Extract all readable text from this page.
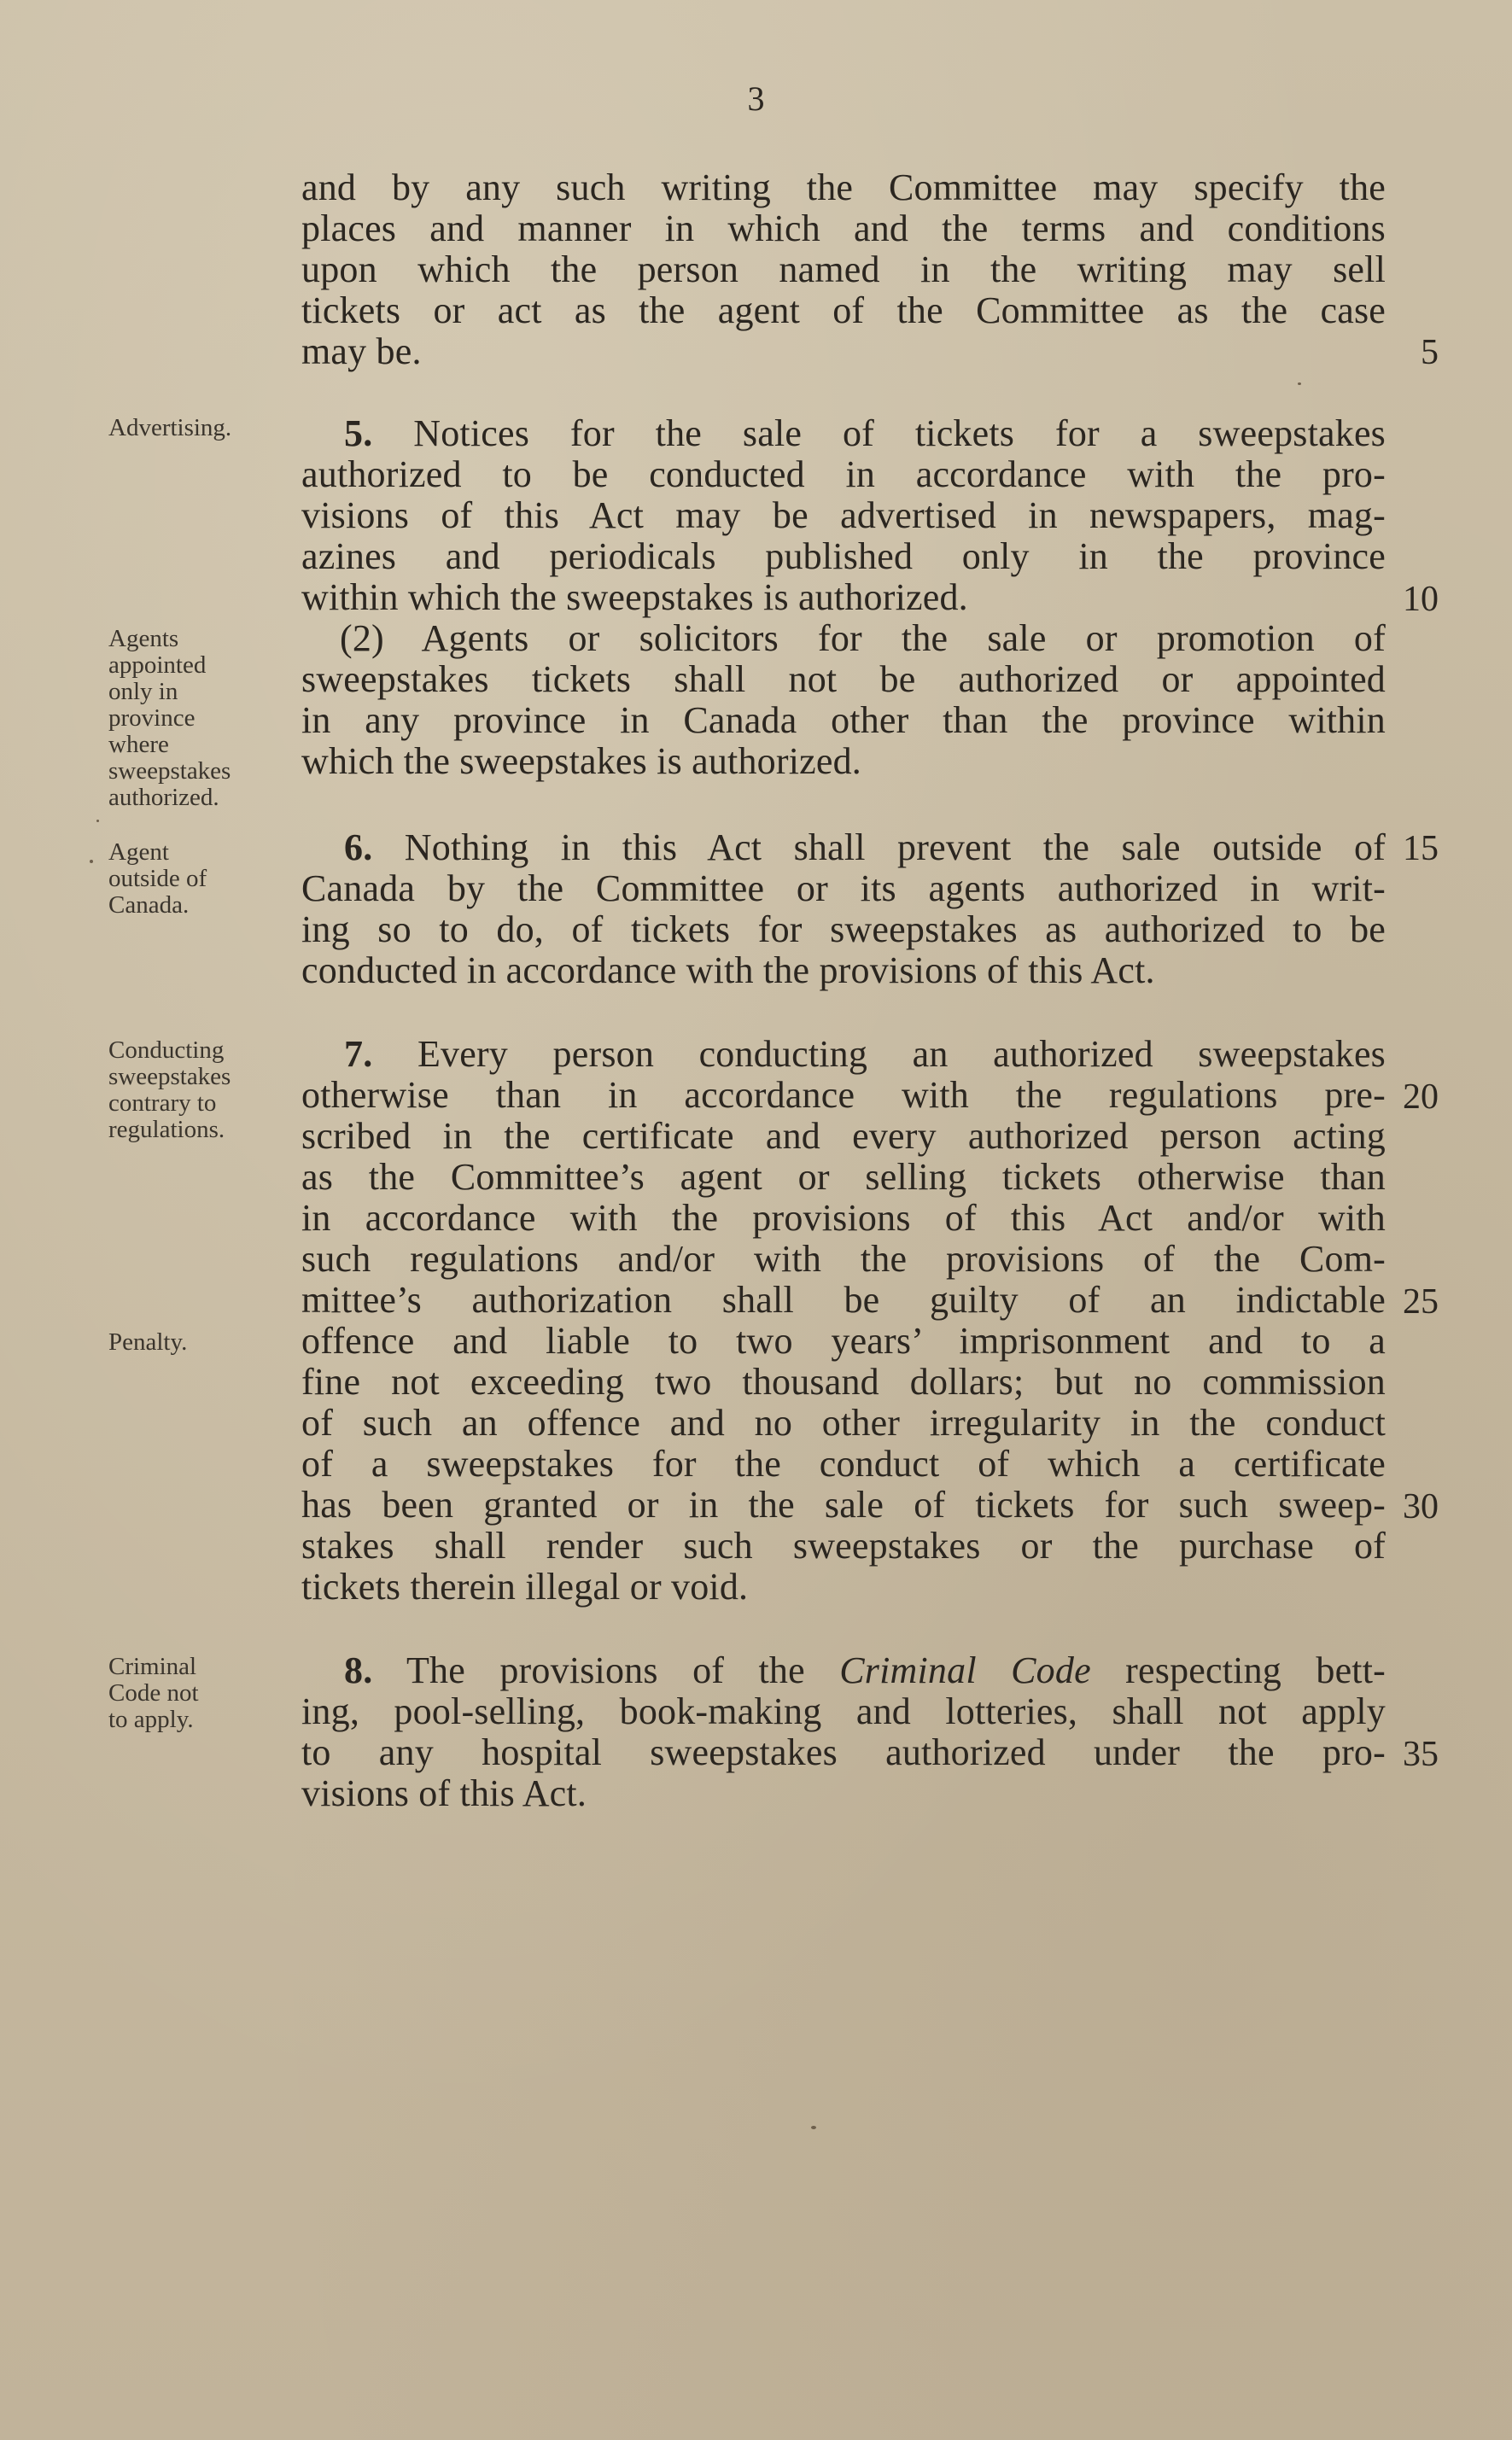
3
and by any such writing the Committee may specify the
places and manner in which and the terms and conditions
upon which the person named in the writing may sell
tickets or act as the agent of the Committee as the case
may be.
5. Notices for the sale of tickets for a sweepstakes
authorized to be conducted in accordance with the pro-
visions of this Act may be advertised in newspapers, mag-
azines and periodicals published only in the province
within which the sweepstakes is authorized.
(2) Agents or solicitors for the sale or promotion of
sweepstakes tickets shall not be authorized or appointed
in any province in Canada other than the province within
which the sweepstakes is authorized.
6. Nothing in this Act shall prevent the sale outside of
Canada by the Committee or its agents authorized in writ-
ing so to do, of tickets for sweepstakes as authorized to be
conducted in accordance with the provisions of this Act.
7. Every person conducting an authorized sweepstakes
otherwise than in accordance with the regulations pre-
scribed in the certificate and every authorized person acting
as the Committee’s agent or selling tickets otherwise than
in accordance with the provisions of this Act and/or with
such regulations and/or with the provisions of the Com-
mittee’s authorization shall be guilty of an indictable
offence and liable to two years’ imprisonment and to a
fine not exceeding two thousand dollars; but no commission
of such an offence and no other irregularity in the conduct
of a sweepstakes for the conduct of which a certificate
has been granted or in the sale of tickets for such sweep-
stakes shall render such sweepstakes or the purchase of
tickets therein illegal or void.
8. The provisions of the Criminal Code respecting bett-
ing, pool-selling, book-making and lotteries, shall not apply
to any hospital sweepstakes authorized under the pro-
visions of this Act.
5
10
15
20
25
30
35
Advertising.
Agents
appointed
only in
province
where
sweepstakes
authorized.
Agent
outside of
Canada.
Conducting
sweepstakes
contrary to
regulations.
Penalty.
Criminal
Code not
to apply.
